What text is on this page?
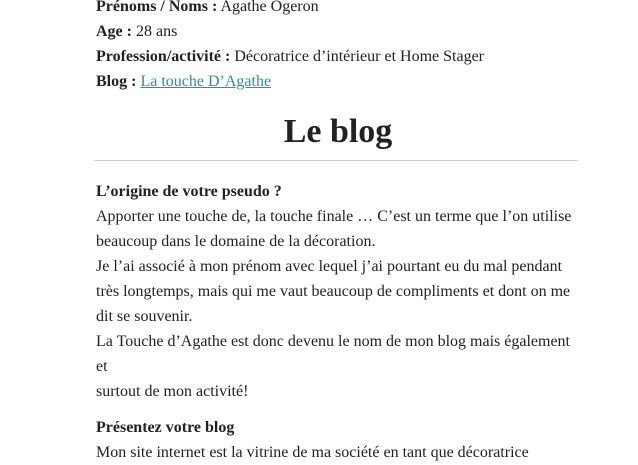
Prénoms / Noms : Agathe Ogeron
Age : 28 ans
Profession/activité : Décoratrice d’intérieur et Home Stager
Blog : La touche D’Agathe
Le blog

L’origine de votre pseudo ?

Apporter une touche de, la touche finale … C’est un terme que l’on utilise

beaucoup dans le domaine de la décoration.

Je l’ai associé à mon prénom avec lequel j’ai pourtant eu du mal pendant

très longtemps, mais qui me vaut beaucoup de compliments et dont on me

dit se souvenir.

La Touche d’Agathe est donc devenu le nom de mon blog mais également et

surtout de mon activité!

Présentez votre blog

Mon site internet est la vitrine de ma société en tant que décoratrice
